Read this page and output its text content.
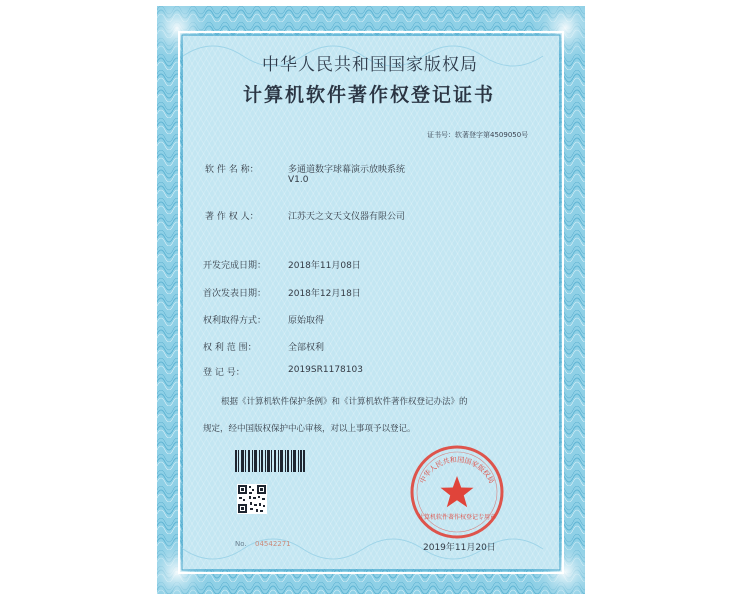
中华人民共和国国家版权局
计算机软件著作权登记证书
证书号：软著登字第4509050号
软 件 名 称：	多通道数字球幕演示放映系统
V1.0
著 作 权 人：	江苏天之文天文仪器有限公司
开发完成日期： 2018年11月08日
首次发表日期： 2018年12月18日
权利取得方式： 原始取得
权 利 范 围：	全部权利
登 记 号：	2019SR1178103
根据《计算机软件保护条例》和《计算机软件著作权登记办法》的
规定，经中国版权保护中心审核，对以上事项予以登记。
No. 04542271
中华人民共和国国家版权局
计算机软件著作权登记专用章
2019年11月20日
